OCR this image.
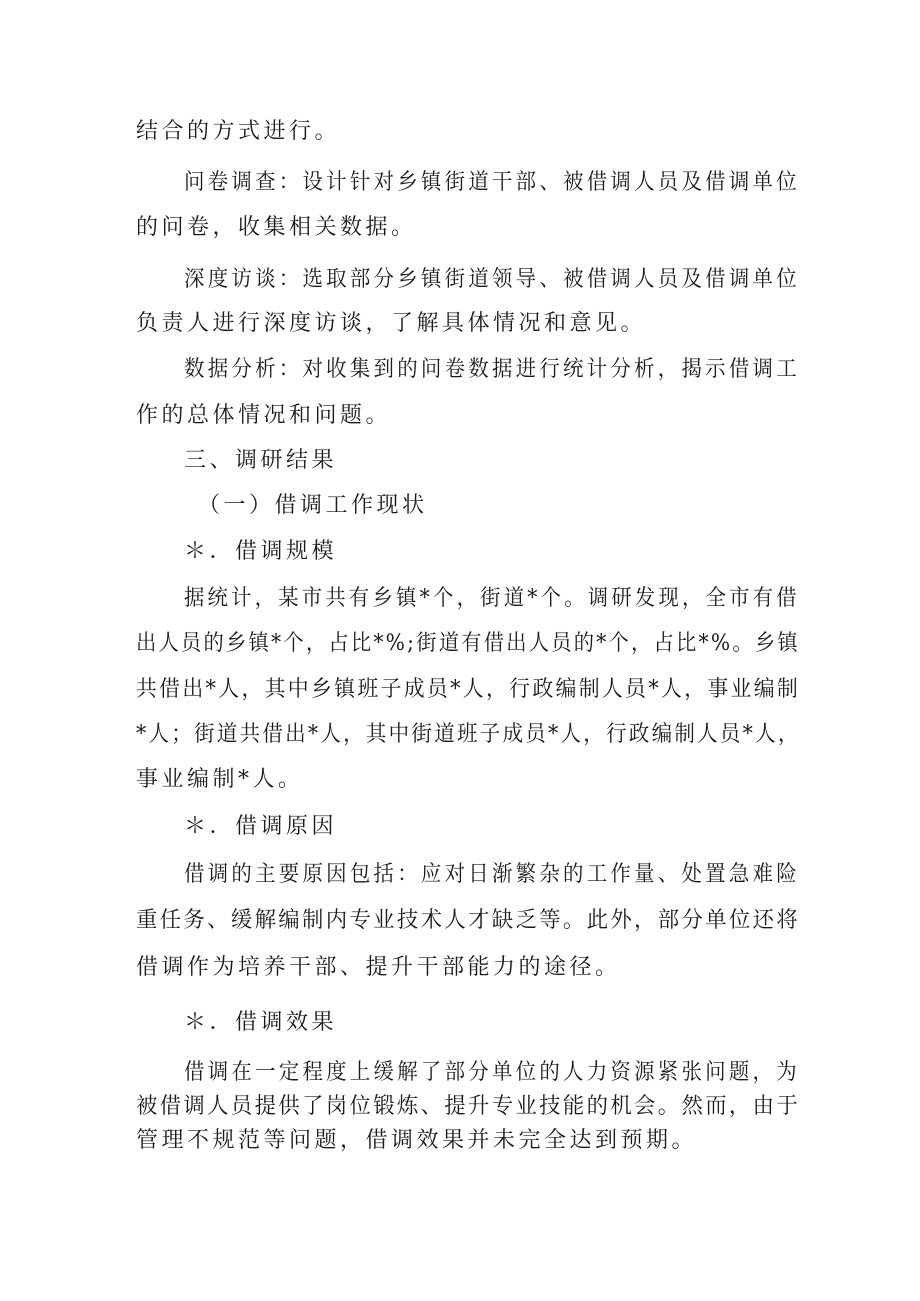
结合的方式进行。

问卷调查：设计针对乡镇街道干部、被借调人员及借调单位

的问卷，收集相关数据。

深度访谈：选取部分乡镇街道领导、被借调人员及借调单位

负责人进行深度访谈，了解具体情况和意见。

数据分析：对收集到的问卷数据进行统计分析，揭示借调工

作的总体情况和问题。

三、调研结果

（一）借调工作现状

＊．借调规模

据统计，某市共有乡镇*个，街道*个。调研发现，全市有借

出人员的乡镇*个，占比*%;街道有借出人员的*个，占比*%。乡镇

共借出*人，其中乡镇班子成员*人，行政编制人员*人，事业编制

*人；街道共借出*人，其中街道班子成员*人，行政编制人员*人，

事业编制*人。

＊．借调原因

借调的主要原因包括：应对日渐繁杂的工作量、处置急难险

重任务、缓解编制内专业技术人才缺乏等。此外，部分单位还将

借调作为培养干部、提升干部能力的途径。

＊．借调效果

借调在一定程度上缓解了部分单位的人力资源紧张问题，为

被借调人员提供了岗位锻炼、提升专业技能的机会。然而，由于

管理不规范等问题，借调效果并未完全达到预期。
